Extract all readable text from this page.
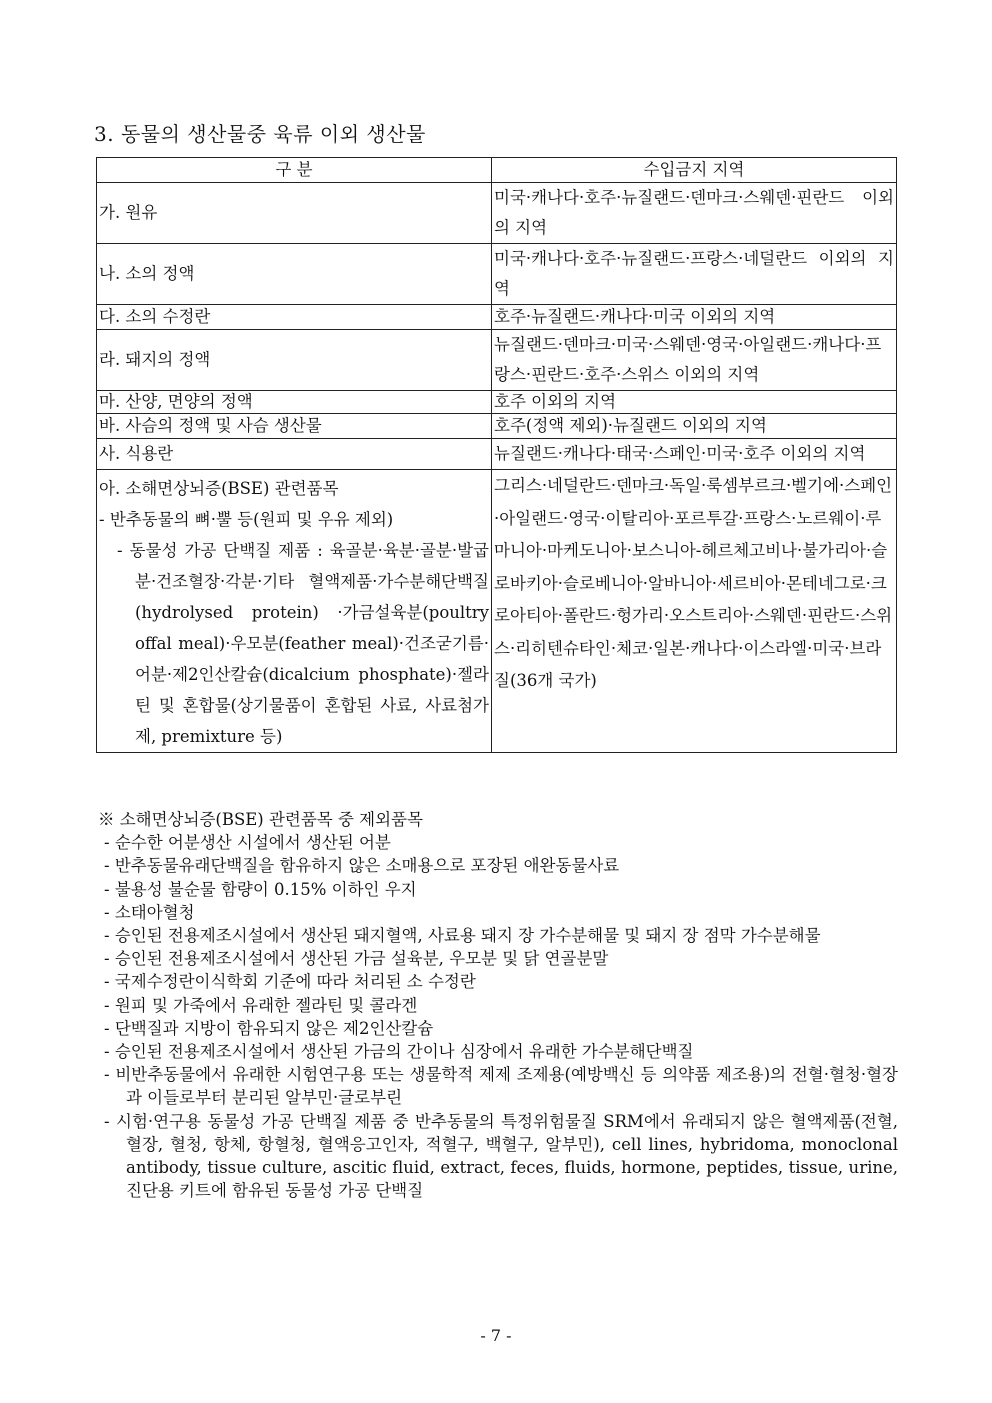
3. 동물의 생산물중 육류 이외 생산물
구 분	수입금지 지역
가. 원유	미국·캐나다·호주·뉴질랜드·덴마크·스웨덴·핀란드 이외의 지역
나. 소의 정액	미국·캐나다·호주·뉴질랜드·프랑스·네덜란드 이외의 지역
다. 소의 수정란	호주·뉴질랜드·캐나다·미국 이외의 지역
라. 돼지의 정액	뉴질랜드·덴마크·미국·스웨덴·영국·아일랜드·캐나다·프랑스·핀란드·호주·스위스 이외의 지역
마. 산양, 면양의 정액	호주 이외의 지역
바. 사슴의 정액 및 사슴 생산물	호주(정액 제외)·뉴질랜드 이외의 지역
사. 식용란	뉴질랜드·캐나다·태국·스페인·미국·호주 이외의 지역

아. 소해면상뇌증(BSE) 관련품목
- 반추동물의 뼈·뿔 등(원피 및 우유 제외)
- 동물성 가공 단백질 제품 : 육골분·육분·골분·발굽분·건조혈장·각분·기타 혈액제품·가수분해단백질(hydrolysed protein) ·가금설육분(poultry offal meal)·우모분(feather meal)·건조굳기름·어분·제2인산칼슘(dicalcium phosphate)·젤라틴 및 혼합물(상기물품이 혼합된 사료, 사료첨가제, premixture 등)	그리스·네덜란드·덴마크·독일·룩셈부르크·벨기에·스페인·아일랜드·영국·이탈리아·포르투갈·프랑스·노르웨이·루마니아·마케도니아·보스니아-헤르체고비나·불가리아·슬로바키아·슬로베니아·알바니아·세르비아·몬테네그로·크로아티아·폴란드·헝가리·오스트리아·스웨덴·핀란드·스위스·리히텐슈타인·체코·일본·캐나다·이스라엘·미국·브라질(36개 국가)
※ 소해면상뇌증(BSE) 관련품목 중 제외품목
- 순수한 어분생산 시설에서 생산된 어분
- 반추동물유래단백질을 함유하지 않은 소매용으로 포장된 애완동물사료
- 불용성 불순물 함량이 0.15% 이하인 우지
- 소태아혈청
- 승인된 전용제조시설에서 생산된 돼지혈액, 사료용 돼지 장 가수분해물 및 돼지 장 점막 가수분해물
- 승인된 전용제조시설에서 생산된 가금 설육분, 우모분 및 닭 연골분말
- 국제수정란이식학회 기준에 따라 처리된 소 수정란
- 원피 및 가죽에서 유래한 젤라틴 및 콜라겐
- 단백질과 지방이 함유되지 않은 제2인산칼슘
- 승인된 전용제조시설에서 생산된 가금의 간이나 심장에서 유래한 가수분해단백질
- 비반추동물에서 유래한 시험연구용 또는 생물학적 제제 조제용(예방백신 등 의약품 제조용)의 전혈·혈청·혈장과 이들로부터 분리된 알부민·글로부린
- 시험·연구용 동물성 가공 단백질 제품 중 반추동물의 특정위험물질 SRM에서 유래되지 않은 혈액제품(전혈, 혈장, 혈청, 항체, 항혈청, 혈액응고인자, 적혈구, 백혈구, 알부민), cell lines, hybridoma, monoclonal antibody, tissue culture, ascitic fluid, extract, feces, fluids, hormone, peptides, tissue, urine, 진단용 키트에 함유된 동물성 가공 단백질
- 7 -
